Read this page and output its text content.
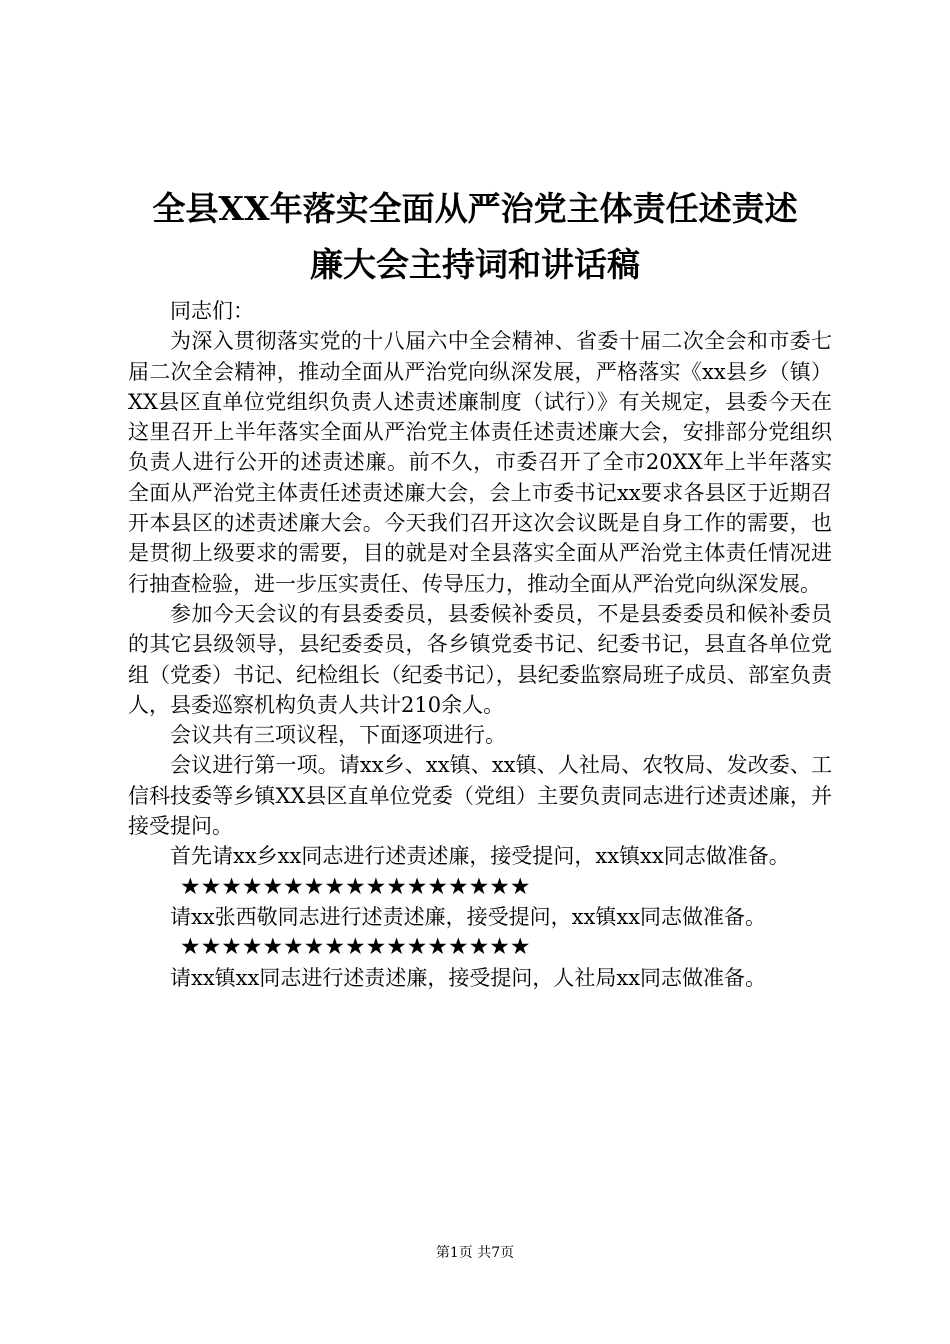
全县XX年落实全面从严治党主体责任述责述
廉大会主持词和讲话稿

同志们：

为深入贯彻落实党的十八届六中全会精神、省委十届二次全会和市委七届二次全会精神，推动全面从严治党向纵深发展，严格落实《xx县乡（镇）XX县区直单位党组织负责人述责述廉制度（试行）》有关规定，县委今天在这里召开上半年落实全面从严治党主体责任述责述廉大会，安排部分党组织负责人进行公开的述责述廉。前不久，市委召开了全市20XX年上半年落实全面从严治党主体责任述责述廉大会，会上市委书记xx要求各县区于近期召开本县区的述责述廉大会。今天我们召开这次会议既是自身工作的需要，也是贯彻上级要求的需要，目的就是对全县落实全面从严治党主体责任情况进行抽查检验，进一步压实责任、传导压力，推动全面从严治党向纵深发展。

参加今天会议的有县委委员，县委候补委员，不是县委委员和候补委员的其它县级领导，县纪委委员，各乡镇党委书记、纪委书记，县直各单位党组（党委）书记、纪检组长（纪委书记），县纪委监察局班子成员、部室负责人，县委巡察机构负责人共计210余人。

会议共有三项议程，下面逐项进行。

会议进行第一项。请xx乡、xx镇、xx镇、人社局、农牧局、发改委、工信科技委等乡镇XX县区直单位党委（党组）主要负责同志进行述责述廉，并接受提问。

首先请xx乡xx同志进行述责述廉，接受提问，xx镇xx同志做准备。

★★★★★★★★★★★★★★★★★

请xx张西敬同志进行述责述廉，接受提问，xx镇xx同志做准备。

★★★★★★★★★★★★★★★★★

请xx镇xx同志进行述责述廉，接受提问，人社局xx同志做准备。

第1页 共7页
